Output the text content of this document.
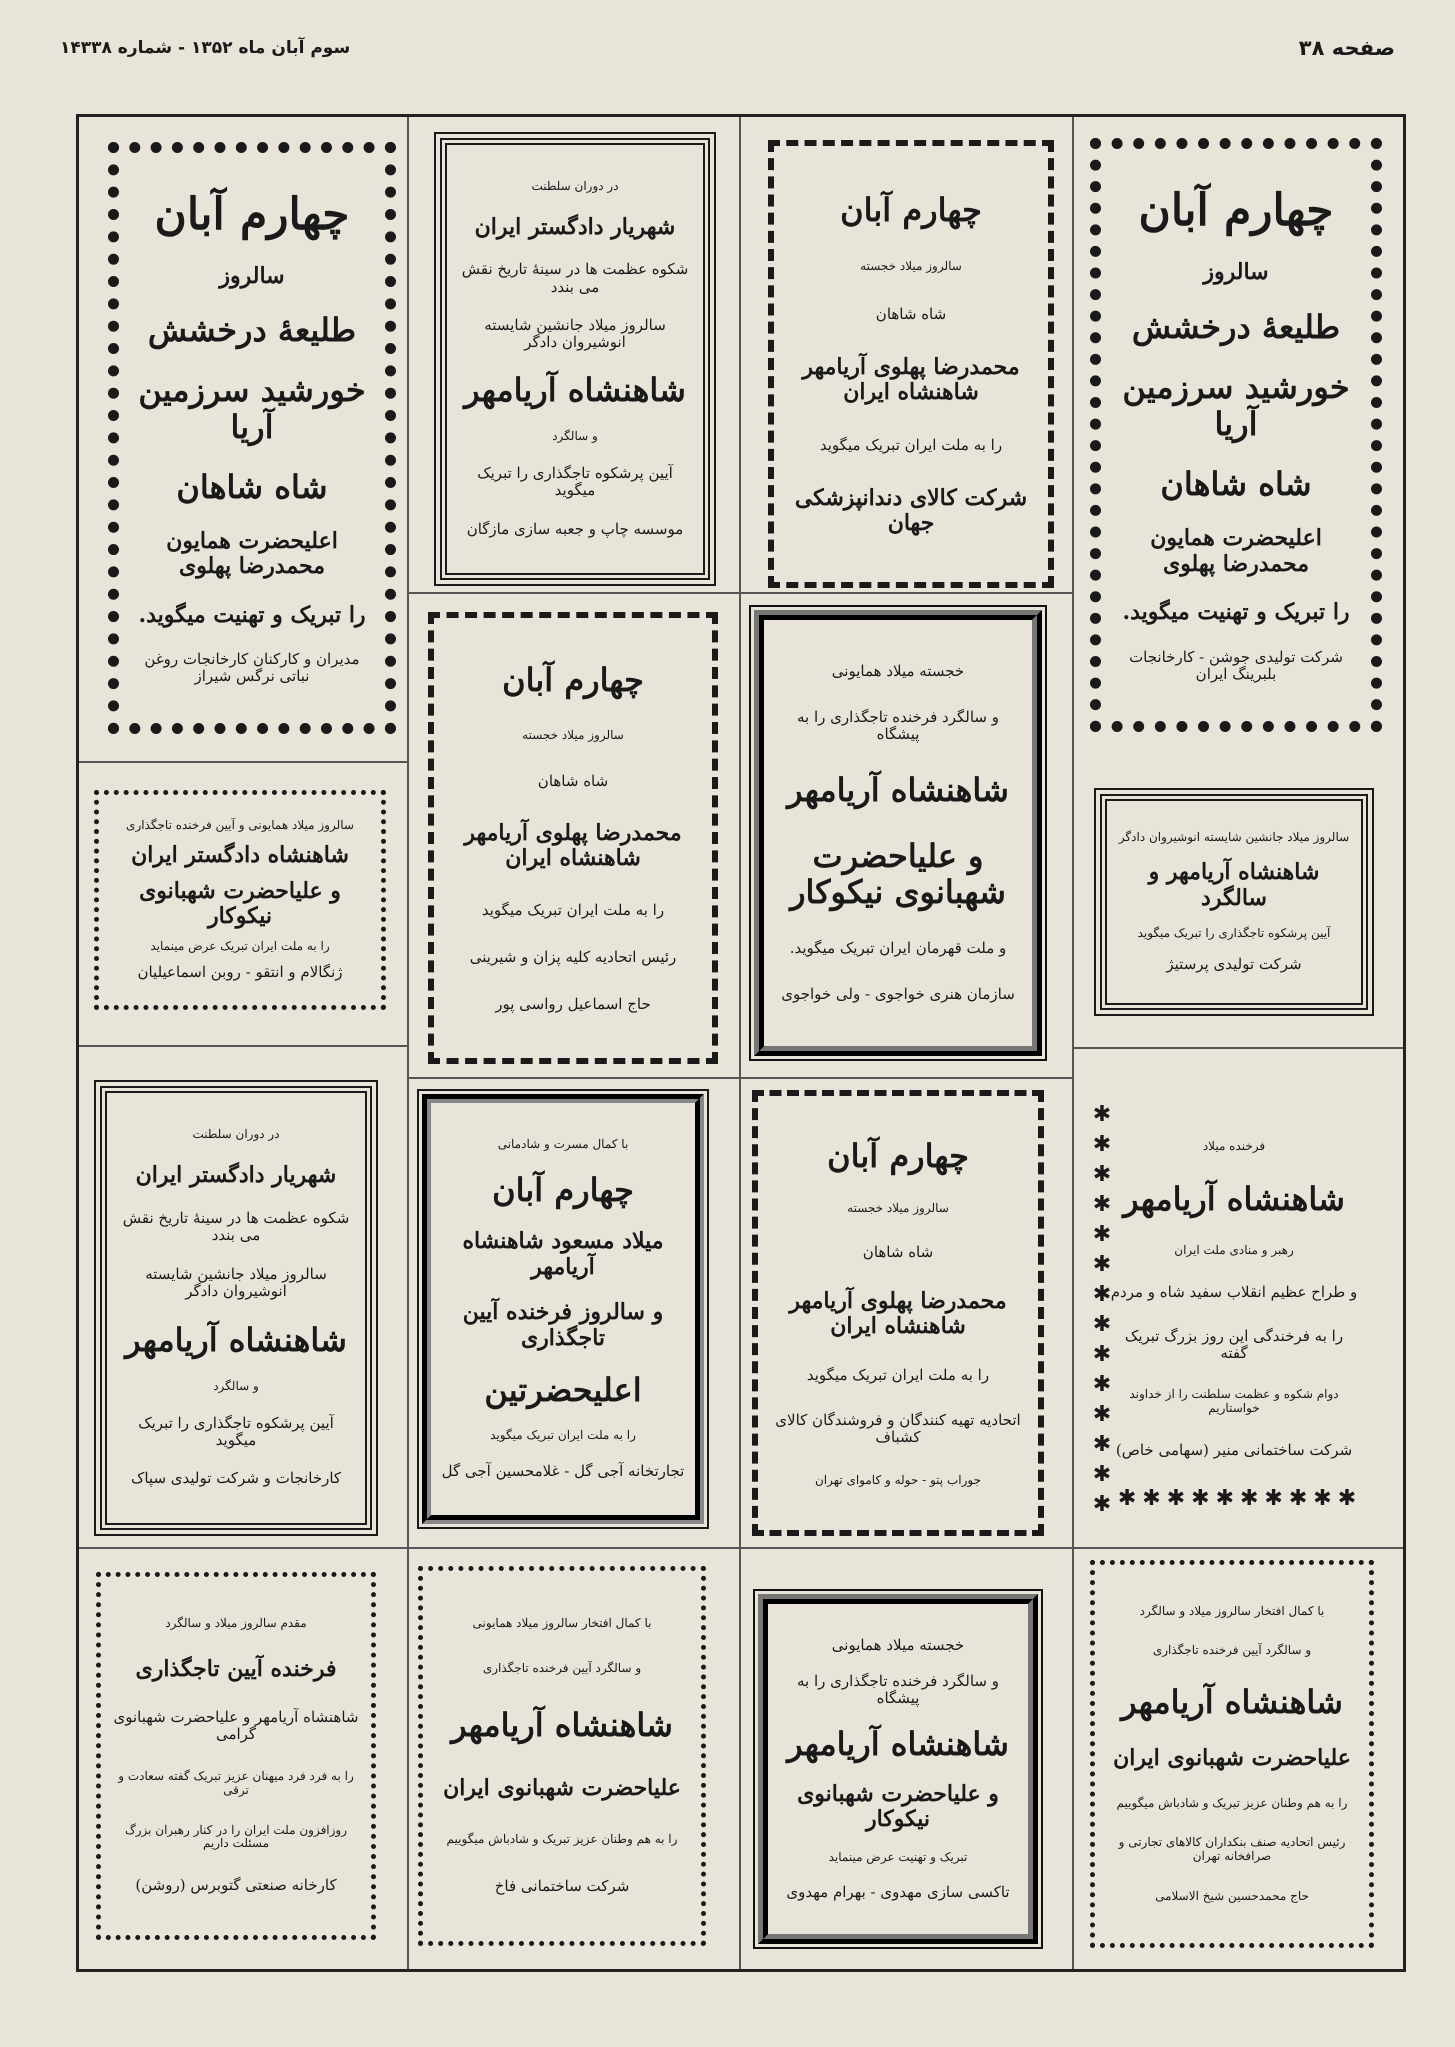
سوم آبان ماه ۱۳۵۲ - شماره ۱۴۳۳۸	صفحه ۳۸
چهارم آبان
سالروز
طلیعهٔ درخشش
خورشید سرزمین آریا
شاه شاهان
اعلیحضرت همایون محمدرضا پهلوی
را تبریک و تهنیت میگوید.
مدیران و کارکنان کارخانجات روغن نباتی نرگس شیراز
در دوران سلطنت
شهریار دادگستر ایران
شکوه عظمت ها در سینهٔ تاریخ نقش می بندد
سالروز میلاد جانشین شایسته انوشیروان دادگر
شاهنشاه آریامهر
و سالگرد
آیین پرشکوه تاجگذاری را تبریک میگوید
موسسه چاپ و جعبه سازی مازگان
چهارم آبان
سالروز میلاد خجسته
شاه شاهان
محمدرضا پهلوی آریامهر شاهنشاه ایران
را به ملت ایران تبریک میگوید
شرکت کالای دندانپزشکی جهان
چهارم آبان
سالروز
طلیعهٔ درخشش
خورشید سرزمین آریا
شاه شاهان
اعلیحضرت همایون محمدرضا پهلوی
را تبریک و تهنیت میگوید.
شرکت تولیدی جوشن - کارخانجات بلبرینگ ایران
سالروز میلاد همایونی و آیین فرخنده تاجگذاری
شاهنشاه دادگستر ایران
و علیاحضرت شهبانوی نیکوکار
را به ملت ایران تبریک عرض مینماید
ژنگالام و انتقو - روبن اسماعیلیان
چهارم آبان
سالروز میلاد خجسته
شاه شاهان
محمدرضا پهلوی آریامهر شاهنشاه ایران
را به ملت ایران تبریک میگوید
رئیس اتحادیه کلیه پزان و شیرینی
حاج اسماعیل رواسی پور
خجسته میلاد همایونی
و سالگرد فرخنده تاجگذاری را به پیشگاه
شاهنشاه آریامهر
و علیاحضرت شهبانوی نیکوکار
و ملت قهرمان ایران تبریک میگوید.
سازمان هنری خواجوی - ولی خواجوی
سالروز میلاد جانشین شایسته انوشیروان دادگر
شاهنشاه آریامهر و سالگرد
آیین پرشکوه تاجگذاری را تبریک میگوید
شرکت تولیدی پرستیژ
در دوران سلطنت
شهریار دادگستر ایران
شکوه عظمت ها در سینهٔ تاریخ نقش می بندد
سالروز میلاد جانشین شایسته انوشیروان دادگر
شاهنشاه آریامهر
و سالگرد
آیین پرشکوه تاجگذاری را تبریک میگوید
کارخانجات و شرکت تولیدی سپاک
با کمال مسرت و شادمانی
چهارم آبان
میلاد مسعود شاهنشاه آریامهر
و سالروز فرخنده آیین تاجگذاری
اعلیحضرتین
را به ملت ایران تبریک میگوید
تجارتخانه آجی گل - غلامحسین آجی گل
چهارم آبان
سالروز میلاد خجسته
شاه شاهان
محمدرضا پهلوی آریامهر شاهنشاه ایران
را به ملت ایران تبریک میگوید
اتحادیه تهیه کنندگان و فروشندگان کالای کشباف
جوراب پتو - حوله و کاموای تهران
فرخنده میلاد
شاهنشاه آریامهر
رهبر و منادی ملت ایران
و طراح عظیم انقلاب سفید شاه و مردم
را به فرخندگی این روز بزرگ تبریک گفته
دوام شکوه و عظمت سلطنت را از خداوند خواستاریم
شرکت ساختمانی منیر (سهامی خاص)
✱
✱
✱
✱
✱
✱
✱
✱
✱
✱
✱
✱
✱
✱ ✱✱✱✱✱✱✱✱✱✱
مقدم سالروز میلاد و سالگرد
فرخنده آیین تاجگذاری
شاهنشاه آریامهر و علیاحضرت شهبانوی گرامی
را به فرد فرد میهنان عزیز تبریک گفته سعادت و ترقی
روزافزون ملت ایران را در کنار رهبران بزرگ مسئلت داریم
کارخانه صنعتی گتوبرس (روشن)
با کمال افتخار سالروز میلاد همایونی
و سالگرد آیین فرخنده تاجگذاری
شاهنشاه آریامهر
علیاحضرت شهبانوی ایران
را به هم وطنان عزیز تبریک و شادباش میگوییم
شرکت ساختمانی فاخ
خجسته میلاد همایونی
و سالگرد فرخنده تاجگذاری را به پیشگاه
شاهنشاه آریامهر
و علیاحضرت شهبانوی نیکوکار
تبریک و تهنیت عرض مینماید
تاکسی سازی مهدوی - بهرام مهدوی
با کمال افتخار سالروز میلاد و سالگرد
و سالگرد آیین فرخنده تاجگذاری
شاهنشاه آریامهر
علیاحضرت شهبانوی ایران
را به هم وطنان عزیز تبریک و شادباش میگوییم
رئیس اتحادیه صنف بنکداران کالاهای تجارتی و صرافخانه تهران
حاج محمدحسین شیخ الاسلامی
